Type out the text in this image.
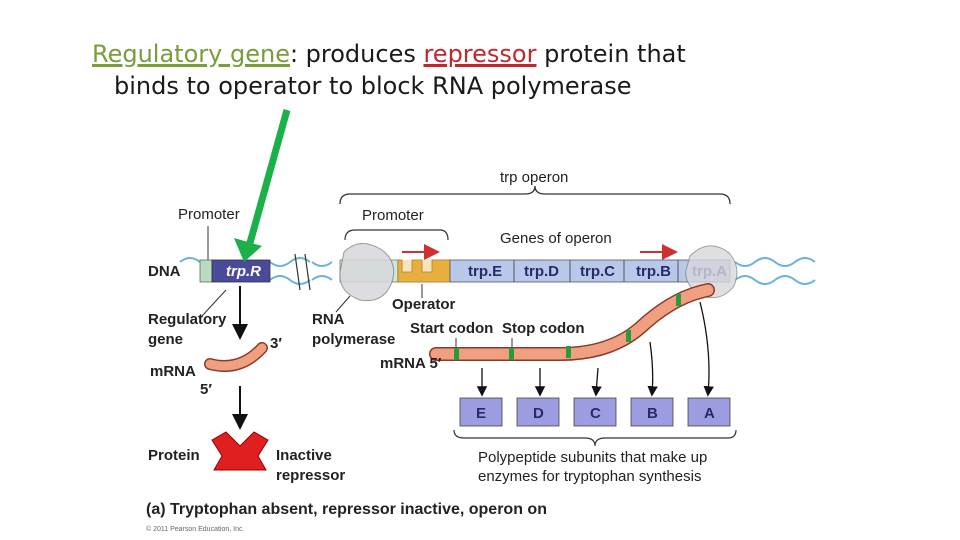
Regulatory gene: produces repressor protein that
binds to operator to block RNA polymerase
trp operon
Promoter	Promoter
Genes of operon
DNA	trp.R	trp.E trp.D trp.C trp.B
Operator
Regulatory
gene	3′
mRNA
5′
RNA
polymerase
Start codon Stop codon
mRNA 5′
E	D	C	B	A
Polypeptide subunits that make up
enzymes for tryptophan synthesis
Protein	Inactive
repressor
(a) Tryptophan absent, repressor inactive, operon on
© 2011 Pearson Education, Inc.
